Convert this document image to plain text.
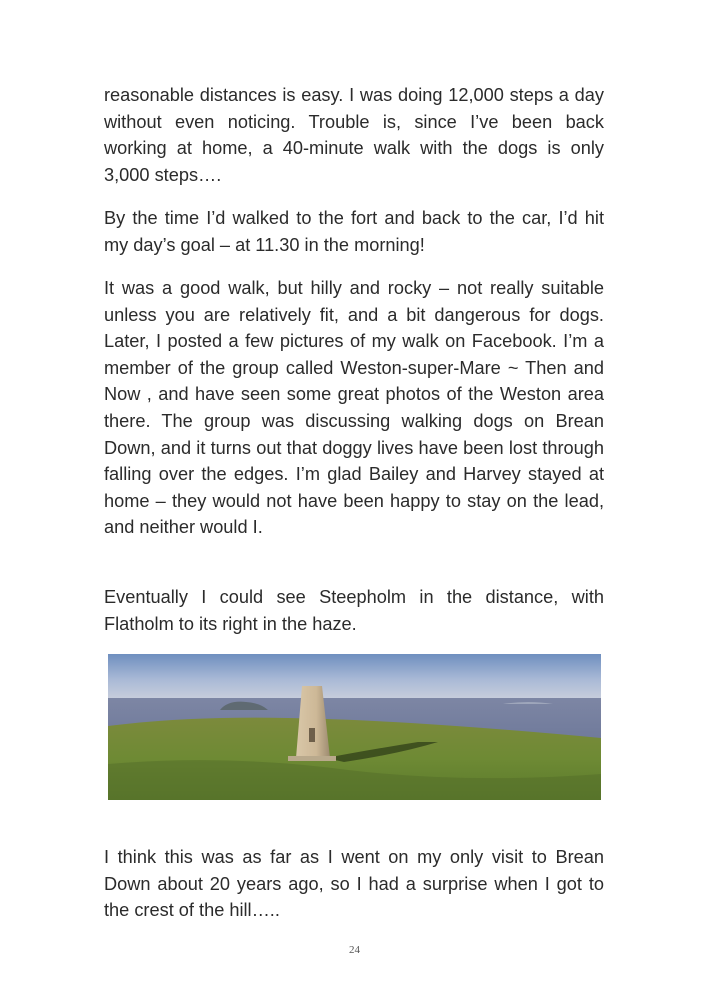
reasonable distances is easy. I was doing 12,000 steps a day without even noticing. Trouble is, since I’ve been back working at home, a 40-minute walk with the dogs is only 3,000 steps….

By the time I’d walked to the fort and back to the car, I’d hit my day’s goal – at 11.30 in the morning!

It was a good walk, but hilly and rocky – not really suitable unless you are relatively fit, and a bit dangerous for dogs. Later, I posted a few pictures of my walk on Facebook. I’m a member of the group called Weston-super-Mare ~ Then and Now , and have seen some great photos of the Weston area there. The group was discussing walking dogs on Brean Down, and it turns out that doggy lives have been lost through falling over the edges. I’m glad Bailey and Harvey stayed at home – they would not have been happy to stay on the lead, and neither would I.

Eventually I could see Steepholm in the distance, with Flatholm to its right in the haze.

I think this was as far as I went on my only visit to Brean Down about 20 years ago, so I had a surprise when I got to the crest of the hill…..

24
